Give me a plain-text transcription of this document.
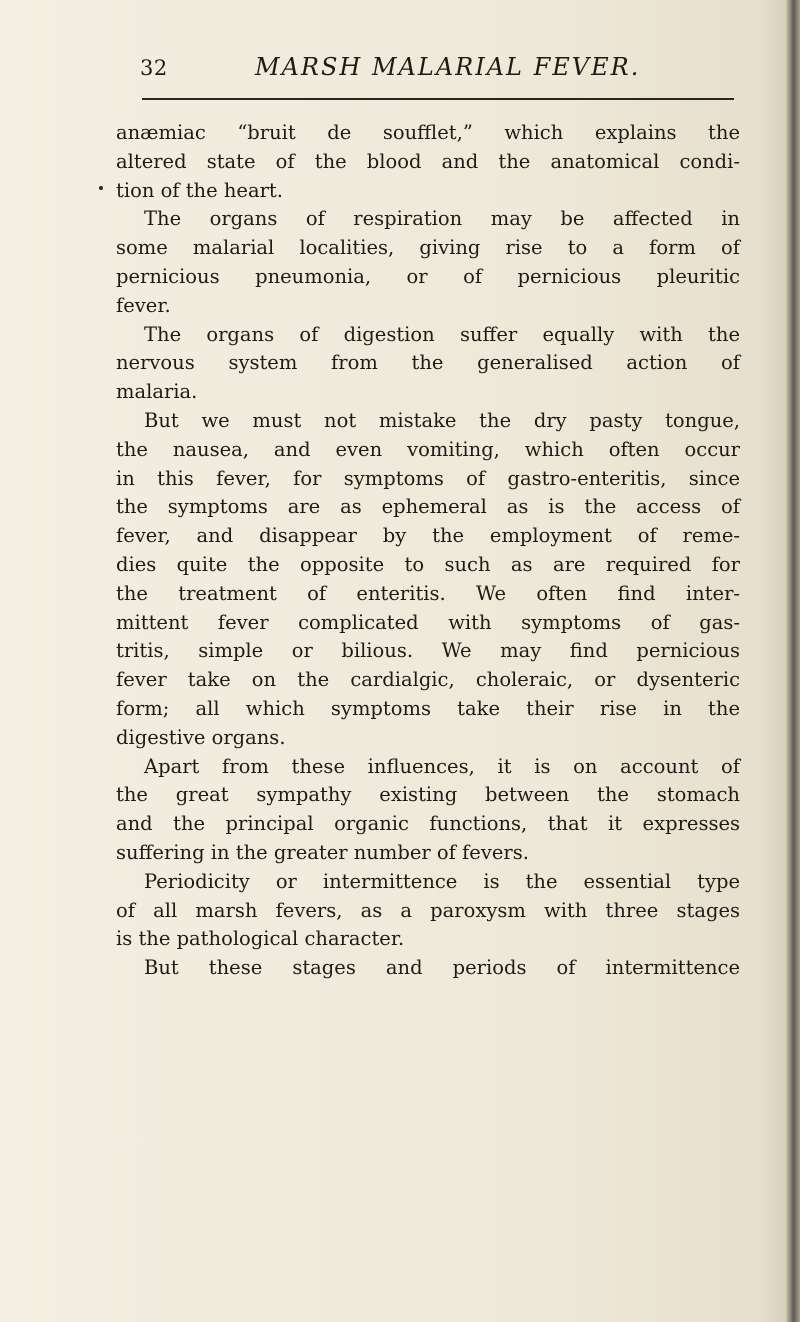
32	MARSH MALARIAL FEVER.
anæmiac “bruit de soufflet,” which explains the
altered state of the blood and the anatomical condi-
tion of the heart.
The organs of respiration may be affected in
some malarial localities, giving rise to a form of
pernicious pneumonia, or of pernicious pleuritic
fever.
The organs of digestion suffer equally with the
nervous system from the generalised action of
malaria.
But we must not mistake the dry pasty tongue,
the nausea, and even vomiting, which often occur
in this fever, for symptoms of gastro-enteritis, since
the symptoms are as ephemeral as is the access of
fever, and disappear by the employment of reme-
dies quite the opposite to such as are required for
the treatment of enteritis. We often find inter-
mittent fever complicated with symptoms of gas-
tritis, simple or bilious. We may find pernicious
fever take on the cardialgic, choleraic, or dysenteric
form; all which symptoms take their rise in the
digestive organs.
Apart from these influences, it is on account of
the great sympathy existing between the stomach
and the principal organic functions, that it expresses
suffering in the greater number of fevers.
Periodicity or intermittence is the essential type
of all marsh fevers, as a paroxysm with three stages
is the pathological character.
But these stages and periods of intermittence
